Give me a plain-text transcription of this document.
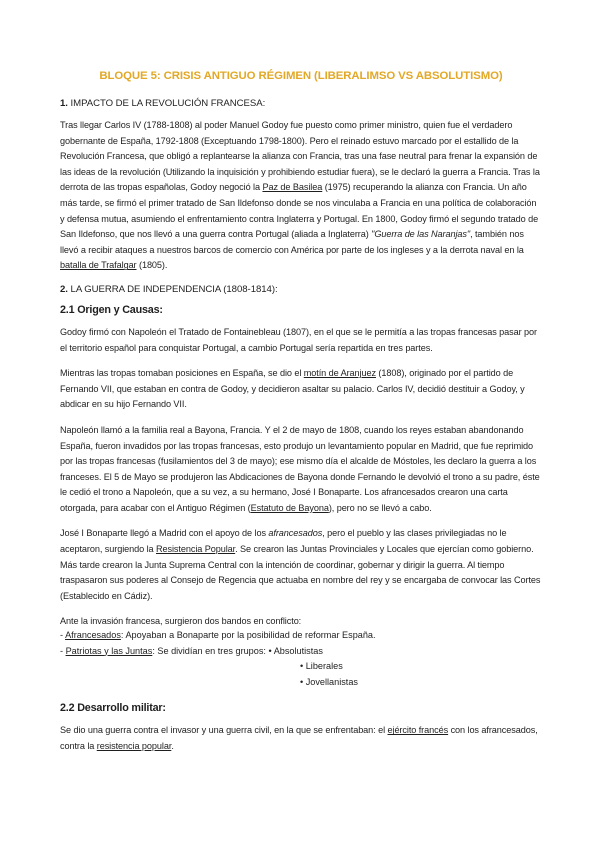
BLOQUE 5: CRISIS ANTIGUO RÉGIMEN (LIBERALIMSO VS ABSOLUTISMO)
1. IMPACTO DE LA REVOLUCIÓN FRANCESA:

Tras llegar Carlos IV (1788-1808) al poder Manuel Godoy fue puesto como primer ministro, quien fue el verdadero gobernante de España, 1792-1808 (Exceptuando 1798-1800). Pero el reinado estuvo marcado por el estallido de la Revolución Francesa, que obligó a replantearse la alianza con Francia, tras una fase neutral para frenar la expansión de las ideas de la revolución (Utilizando la inquisición y prohibiendo estudiar fuera), se le declaró la guerra a Francia. Tras la derrota de las tropas españolas, Godoy negoció la Paz de Basilea (1975) recuperando la alianza con Francia. Un año más tarde, se firmó el primer tratado de San Ildefonso donde se nos vinculaba a Francia en una política de colaboración y defensa mutua, asumiendo el enfrentamiento contra Inglaterra y Portugal. En 1800, Godoy firmó el segundo tratado de San Ildefonso, que nos llevó a una guerra contra Portugal (aliada a Inglaterra) "Guerra de las Naranjas", también nos llevó a recibir ataques a nuestros barcos de comercio con América por parte de los ingleses y a la derrota naval en la batalla de Trafalgar (1805).

2. LA GUERRA DE INDEPENDENCIA (1808-1814):
2.1 Origen y Causas:

Godoy firmó con Napoleón el Tratado de Fontainebleau (1807), en el que se le permitía a las tropas francesas pasar por el territorio español para conquistar Portugal, a cambio Portugal sería repartida en tres partes.

Mientras las tropas tomaban posiciones en España, se dio el motín de Aranjuez (1808), originado por el partido de Fernando VII, que estaban en contra de Godoy, y decidieron asaltar su palacio. Carlos IV, decidió destituir a Godoy, y abdicar en su hijo Fernando VII.

Napoleón llamó a la familia real a Bayona, Francia. Y el 2 de mayo de 1808, cuando los reyes estaban abandonando España, fueron invadidos por las tropas francesas, esto produjo un levantamiento popular en Madrid, que fue reprimido por las tropas francesas (fusilamientos del 3 de mayo); ese mismo día el alcalde de Móstoles, les declaro la guerra a los franceses. El 5 de Mayo se produjeron las Abdicaciones de Bayona donde Fernando le devolvió el trono a su padre, éste le cedió el trono a Napoleón, que a su vez, a su hermano, José I Bonaparte. Los afrancesados crearon una carta otorgada, para acabar con el Antiguo Régimen (Estatuto de Bayona), pero no se llevó a cabo.

José I Bonaparte llegó a Madrid con el apoyo de los afrancesados, pero el pueblo y las clases privilegiadas no le aceptaron, surgiendo la Resistencia Popular. Se crearon las Juntas Provinciales y Locales que ejercían como gobierno. Más tarde crearon la Junta Suprema Central con la intención de coordinar, gobernar y dirigir la guerra. Al tiempo traspasaron sus poderes al Consejo de Regencia que actuaba en nombre del rey y se encargaba de convocar las Cortes (Establecido en Cádiz).

Ante la invasión francesa, surgieron dos bandos en conflicto:

- Afrancesados: Apoyaban a Bonaparte por la posibilidad de reformar España.
- Patriotas y las Juntas: Se dividían en tres grupos: • Absolutistas
• Liberales
• Jovellanistas
2.2 Desarrollo militar:

Se dio una guerra contra el invasor y una guerra civil, en la que se enfrentaban: el ejército francés con los afrancesados, contra la resistencia popular.
